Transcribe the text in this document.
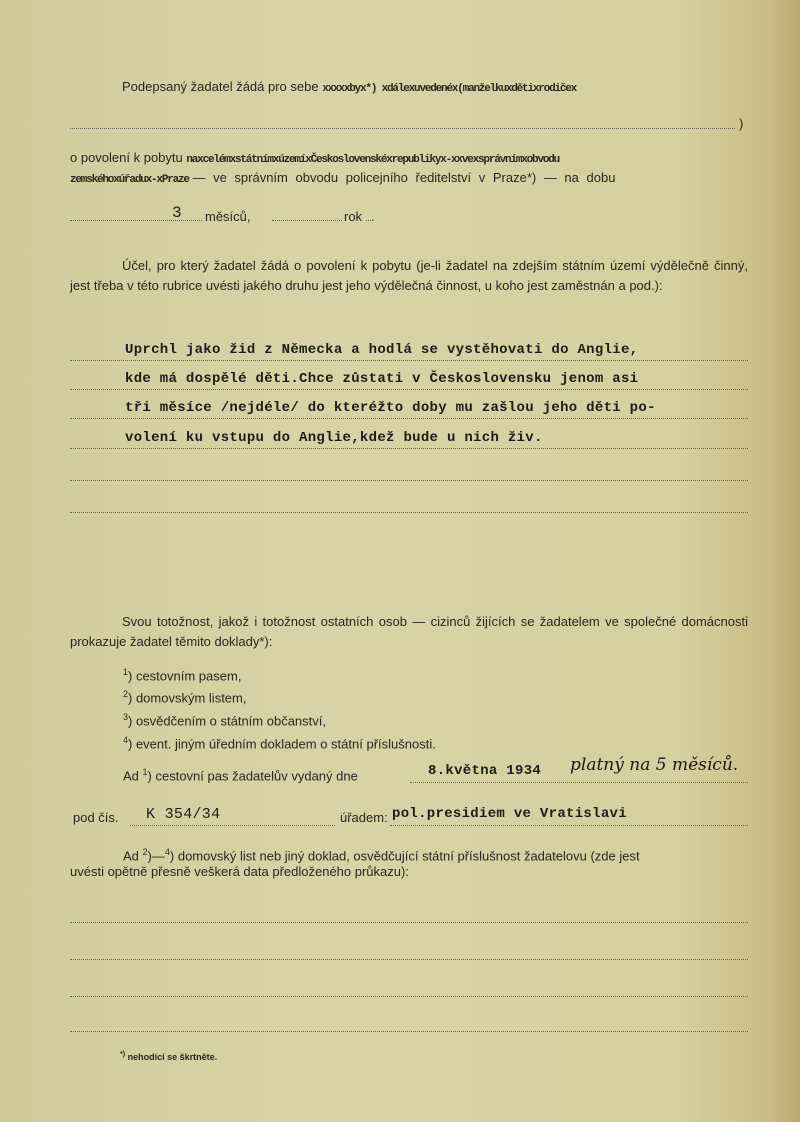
Podepsaný žadatel žádá pro sebe xxxxxbyx*) xdálexuvedenéx(manželkuxdětixrodičex
)
o povolení k pobytu naxcelémxstátnímxúzemíxČeskoslovenskéxrepublikyx-xxvexsprávnímxobvodu
zemskéhoxúřadux-xPraze — ve správním obvodu policejního ředitelství v Praze*) — na dobu
3 měsíců,	rok .
Účel, pro který žadatel žádá o povolení k pobytu (je-li žadatel na zdejším státním území výdělečně činný, jest třeba v této rubrice uvésti jakého druhu jest jeho výdělečná činnost, u koho jest zaměstnán a pod.):
Uprchl jako žid z Německa a hodlá se vystěhovati do Anglie,
kde má dospělé děti.Chce zůstati v Československu jenom asi
tři měsíce /nejdéle/ do kteréžto doby mu zašlou jeho děti po-
volení ku vstupu do Anglie,kdež bude u nich živ.
Svou totožnost, jakož i totožnost ostatních osob — cizinců žijících se žadatelem ve společné domácnosti prokazuje žadatel těmito doklady*):
$^1$) cestovním pasem,
$^2$) domovským listem,
$^3$) osvědčením o státním občanství,
$^4$) event. jiným úředním dokladem o státní příslušnosti.
Ad $^1$) cestovní pas žadatelův vydaný dne	8.května 1934 platný na 5 měsíců.
pod čís. K 354/34	úřadem: pol.presidiem ve Vratislavi
Ad $^2$)—$^4$) domovský list neb jiný doklad, osvědčující státní příslušnost žadatelovu (zde jest
uvésti opětně přesně veškerá data předloženého průkazu):
*) nehodící se škrtněte.
